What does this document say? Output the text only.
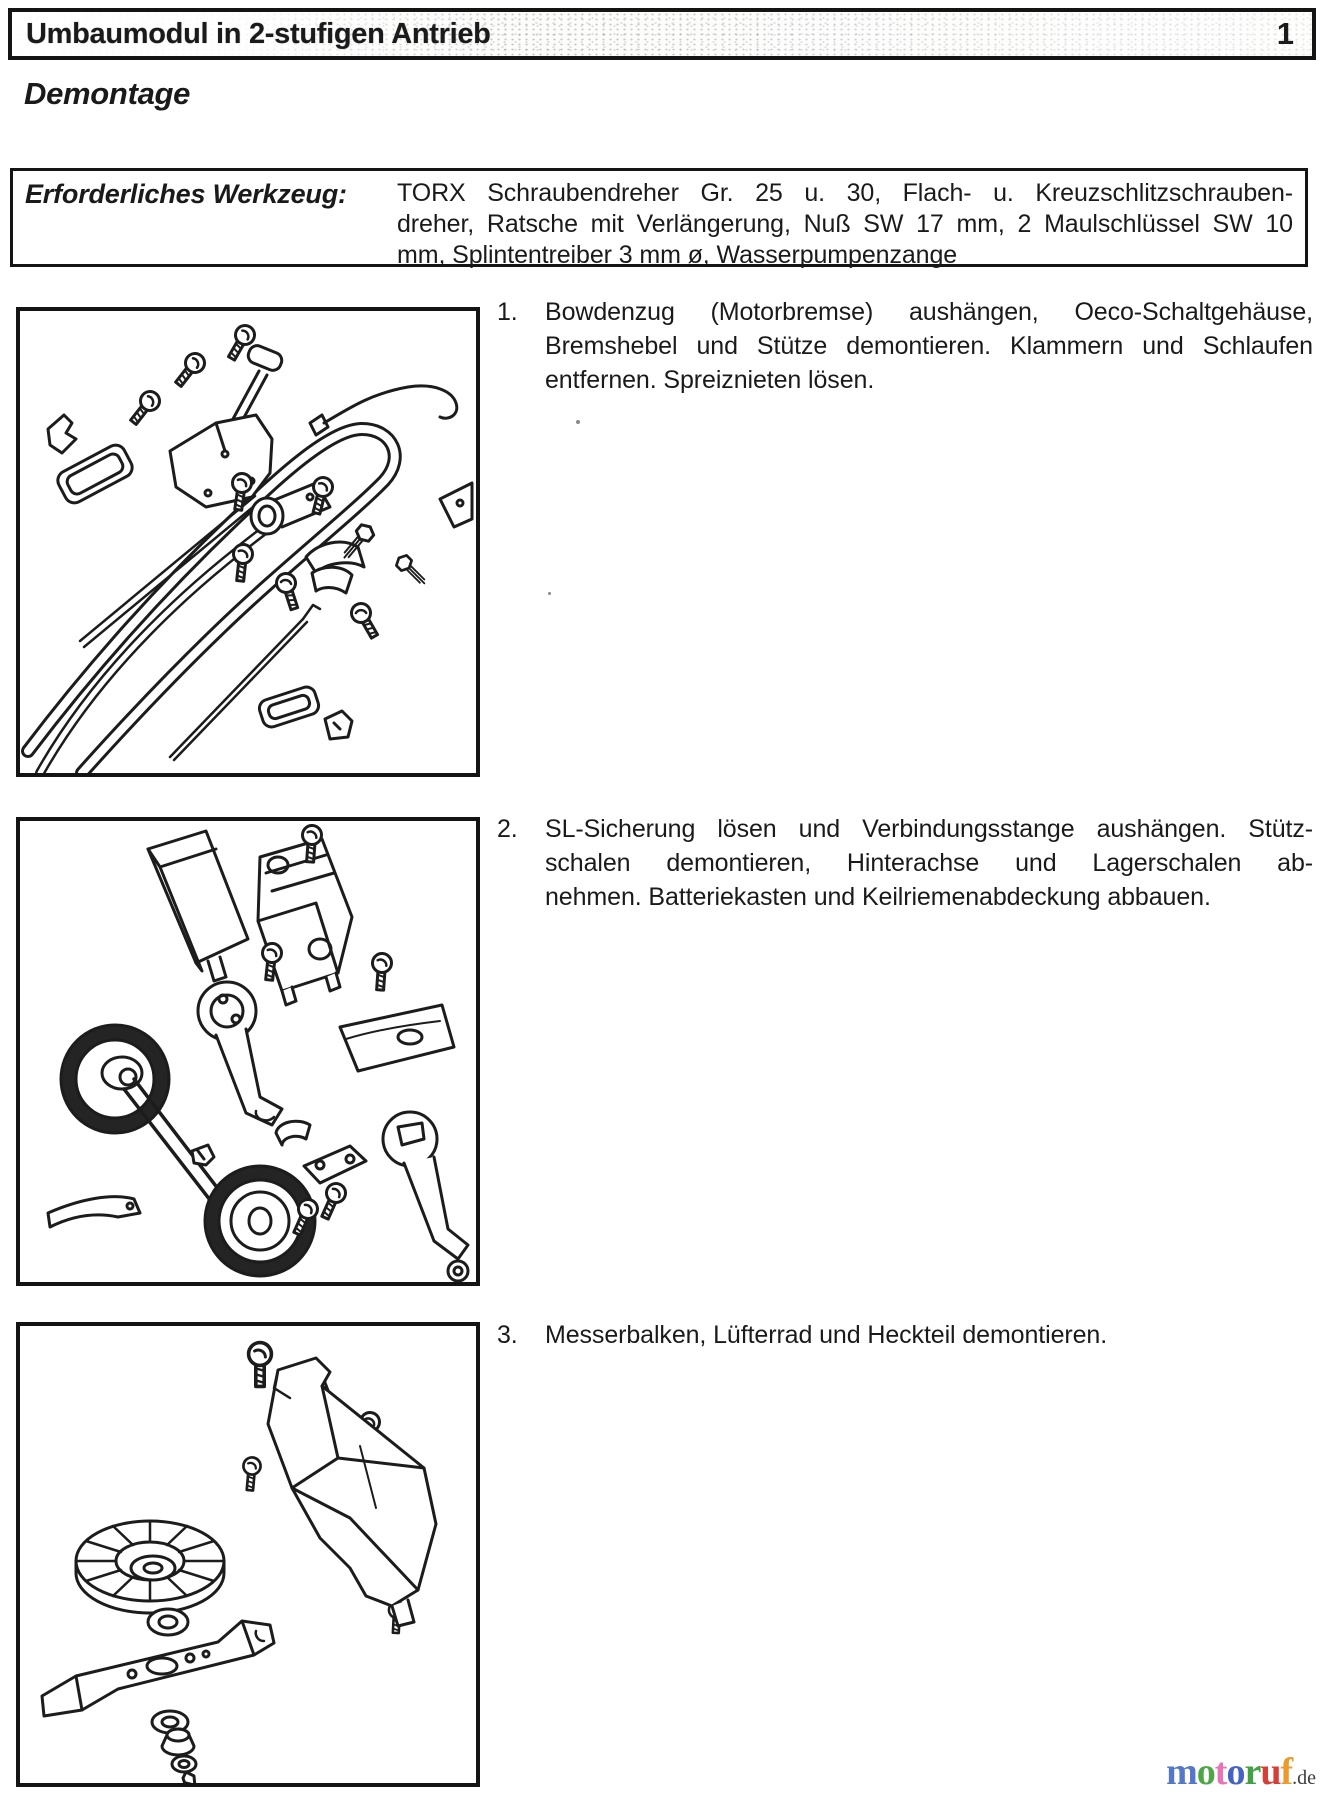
Umbaumodul in 2-stufigen Antrieb	1
Demontage
Erforderliches Werkzeug:	TORX Schraubendreher Gr. 25 u. 30, Flach- u. Kreuzschlitzschrauben-
dreher, Ratsche mit Verlängerung, Nuß SW 17 mm, 2 Maulschlüssel SW 10
mm, Splintentreiber 3 mm ø, Wasserpumpenzange
1.	Bowdenzug (Motorbremse) aushängen, Oeco-Schaltgehäuse,
Bremshebel und Stütze demontieren. Klammern und Schlaufen
entfernen. Spreiznieten lösen.
2.	SL-Sicherung lösen und Verbindungsstange aushängen. Stütz-
schalen demontieren, Hinterachse und Lagerschalen ab-
nehmen. Batteriekasten und Keilriemenabdeckung abbauen.
3.	Messerbalken, Lüfterrad und Heckteil demontieren.
motoruf.de
